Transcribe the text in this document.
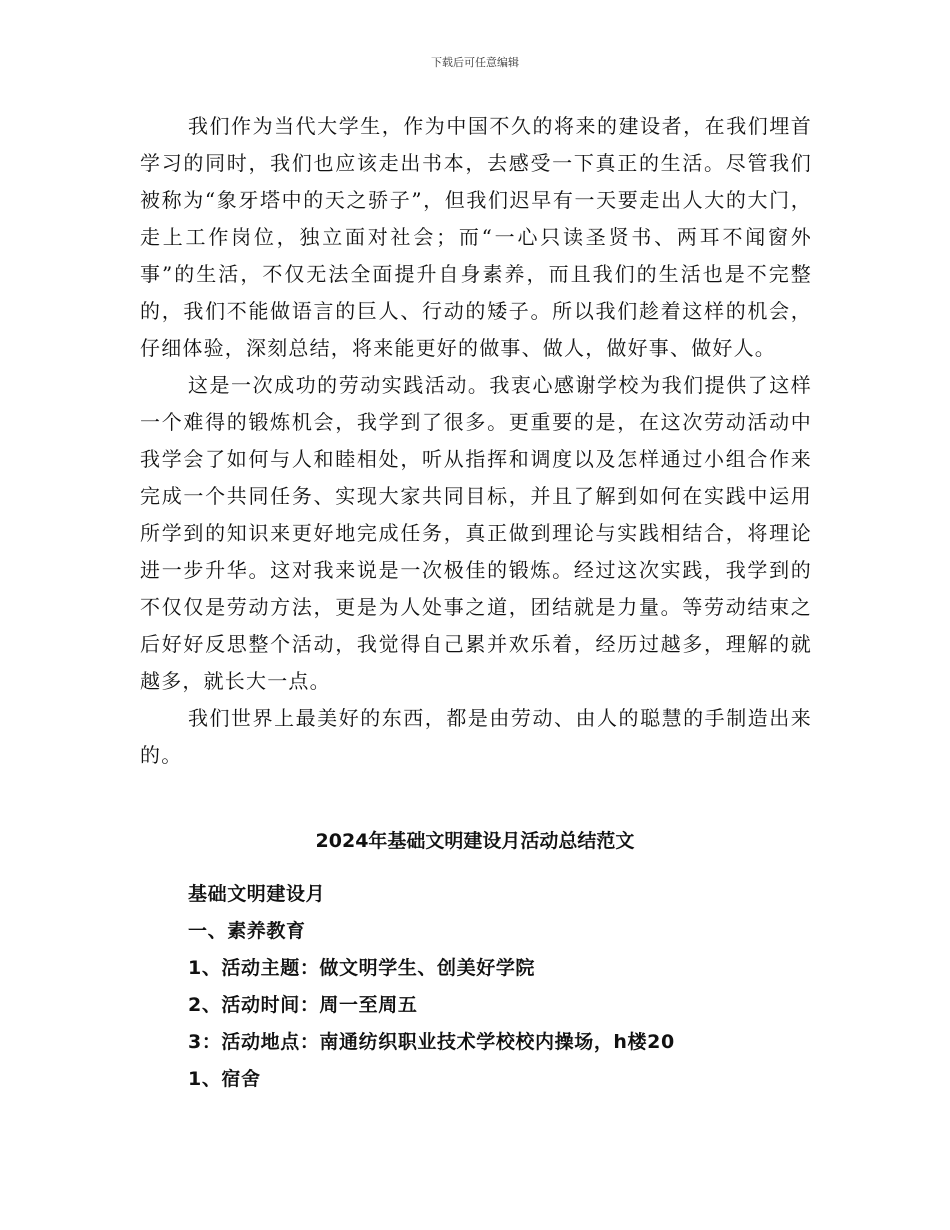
下载后可任意编辑

我们作为当代大学生，作为中国不久的将来的建设者，在我们埋首学习的同时，我们也应该走出书本，去感受一下真正的生活。尽管我们被称为“象牙塔中的天之骄子”，但我们迟早有一天要走出人大的大门，走上工作岗位，独立面对社会；而“一心只读圣贤书、两耳不闻窗外事”的生活，不仅无法全面提升自身素养，而且我们的生活也是不完整的，我们不能做语言的巨人、行动的矮子。所以我们趁着这样的机会，仔细体验，深刻总结，将来能更好的做事、做人，做好事、做好人。

这是一次成功的劳动实践活动。我衷心感谢学校为我们提供了这样一个难得的锻炼机会，我学到了很多。更重要的是，在这次劳动活动中我学会了如何与人和睦相处，听从指挥和调度以及怎样通过小组合作来完成一个共同任务、实现大家共同目标，并且了解到如何在实践中运用所学到的知识来更好地完成任务，真正做到理论与实践相结合，将理论进一步升华。这对我来说是一次极佳的锻炼。经过这次实践，我学到的不仅仅是劳动方法，更是为人处事之道，团结就是力量。等劳动结束之后好好反思整个活动，我觉得自己累并欢乐着，经历过越多，理解的就越多，就长大一点。

我们世界上最美好的东西，都是由劳动、由人的聪慧的手制造出来的。

2024年基础文明建设月活动总结范文
基础文明建设月
一、素养教育
1、活动主题：做文明学生、创美好学院
2、活动时间：周一至周五
3：活动地点：南通纺织职业技术学校校内操场，h楼20
1、宿舍
